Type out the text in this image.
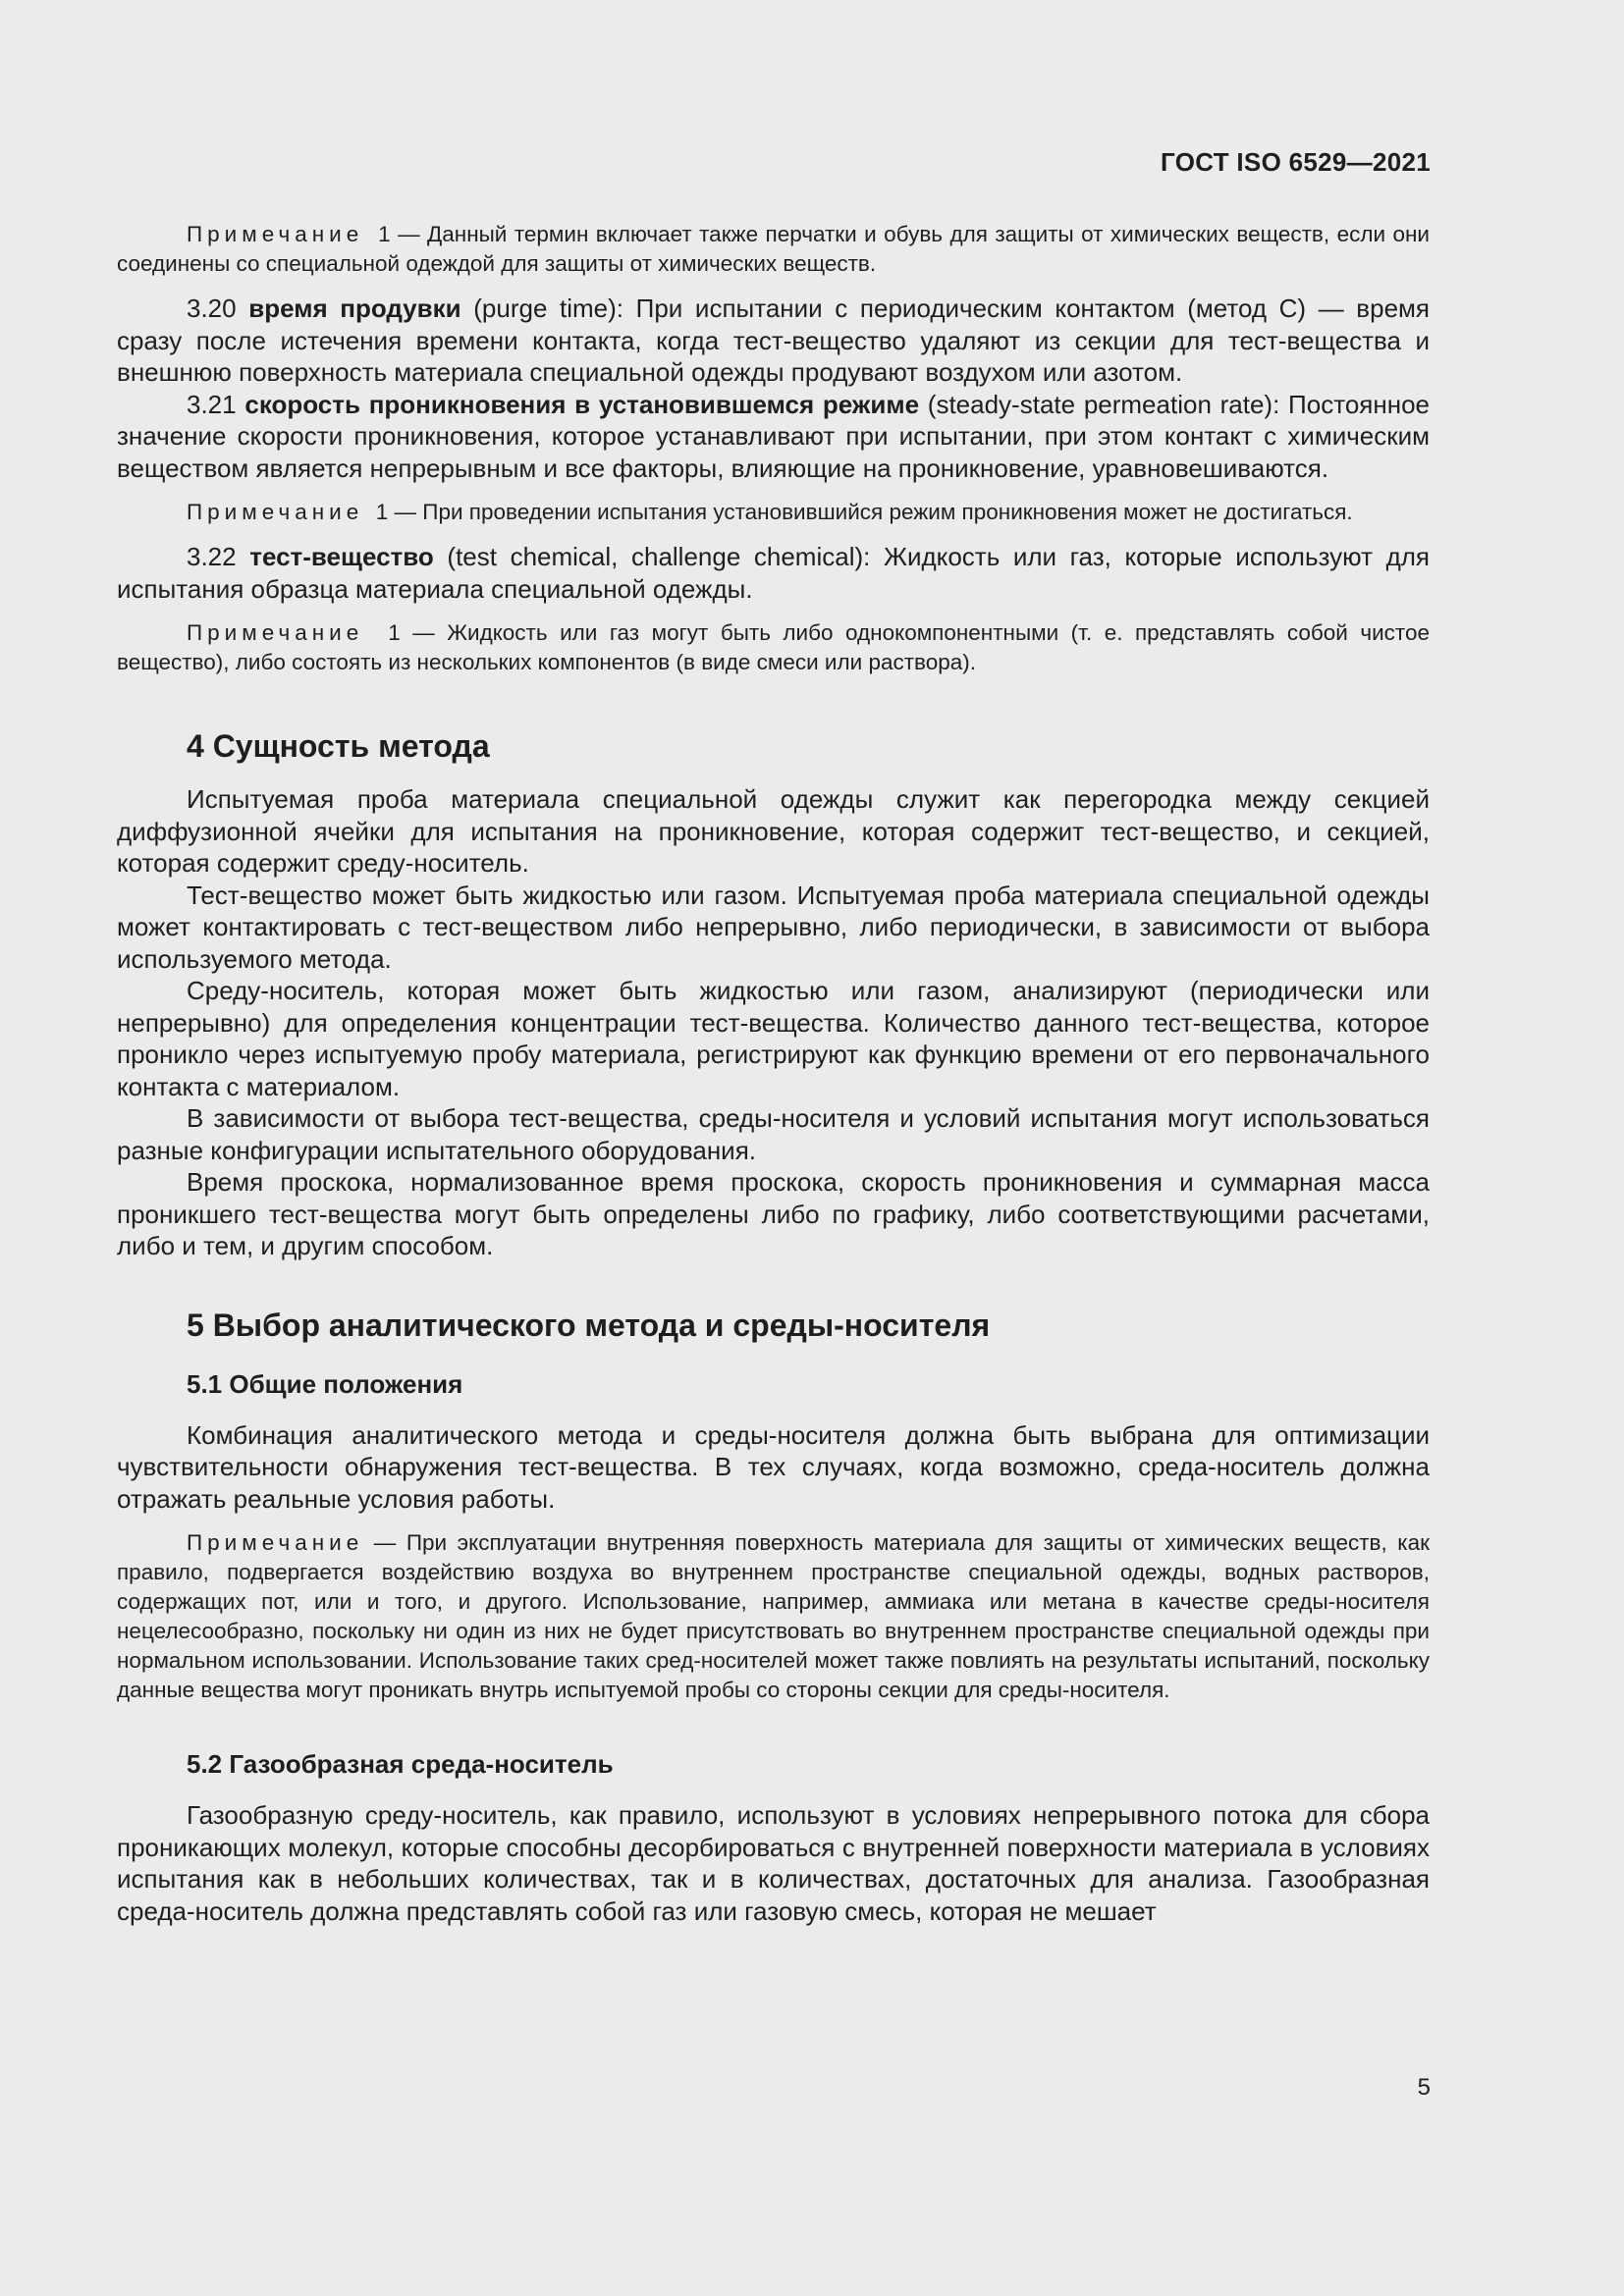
ГОСТ ISO 6529—2021

Примечание 1 — Данный термин включает также перчатки и обувь для защиты от химических веществ, если они соединены со специальной одеждой для защиты от химических веществ.

3.20 время продувки (purge time): При испытании с периодическим контактом (метод С) — время сразу после истечения времени контакта, когда тест-вещество удаляют из секции для тест-вещества и внешнюю поверхность материала специальной одежды продувают воздухом или азотом.

3.21 скорость проникновения в установившемся режиме (steady-state permeation rate): Постоянное значение скорости проникновения, которое устанавливают при испытании, при этом контакт с химическим веществом является непрерывным и все факторы, влияющие на проникновение, уравновешиваются.

Примечание 1 — При проведении испытания установившийся режим проникновения может не достигаться.

3.22 тест-вещество (test chemical, challenge chemical): Жидкость или газ, которые используют для испытания образца материала специальной одежды.

Примечание 1 — Жидкость или газ могут быть либо однокомпонентными (т. е. представлять собой чистое вещество), либо состоять из нескольких компонентов (в виде смеси или раствора).

4 Сущность метода

Испытуемая проба материала специальной одежды служит как перегородка между секцией диффузионной ячейки для испытания на проникновение, которая содержит тест-вещество, и секцией, которая содержит среду-носитель.

Тест-вещество может быть жидкостью или газом. Испытуемая проба материала специальной одежды может контактировать с тест-веществом либо непрерывно, либо периодически, в зависимости от выбора используемого метода.

Среду-носитель, которая может быть жидкостью или газом, анализируют (периодически или непрерывно) для определения концентрации тест-вещества. Количество данного тест-вещества, которое проникло через испытуемую пробу материала, регистрируют как функцию времени от его первоначального контакта с материалом.

В зависимости от выбора тест-вещества, среды-носителя и условий испытания могут использоваться разные конфигурации испытательного оборудования.

Время проскока, нормализованное время проскока, скорость проникновения и суммарная масса проникшего тест-вещества могут быть определены либо по графику, либо соответствующими расчетами, либо и тем, и другим способом.

5 Выбор аналитического метода и среды-носителя
5.1 Общие положения

Комбинация аналитического метода и среды-носителя должна быть выбрана для оптимизации чувствительности обнаружения тест-вещества. В тех случаях, когда возможно, среда-носитель должна отражать реальные условия работы.

Примечание — При эксплуатации внутренняя поверхность материала для защиты от химических веществ, как правило, подвергается воздействию воздуха во внутреннем пространстве специальной одежды, водных растворов, содержащих пот, или и того, и другого. Использование, например, аммиака или метана в качестве среды-носителя нецелесообразно, поскольку ни один из них не будет присутствовать во внутреннем пространстве специальной одежды при нормальном использовании. Использование таких сред-носителей может также повлиять на результаты испытаний, поскольку данные вещества могут проникать внутрь испытуемой пробы со стороны секции для среды-носителя.

5.2 Газообразная среда-носитель

Газообразную среду-носитель, как правило, используют в условиях непрерывного потока для сбора проникающих молекул, которые способны десорбироваться с внутренней поверхности материала в условиях испытания как в небольших количествах, так и в количествах, достаточных для анализа. Газообразная среда-носитель должна представлять собой газ или газовую смесь, которая не мешает

5
